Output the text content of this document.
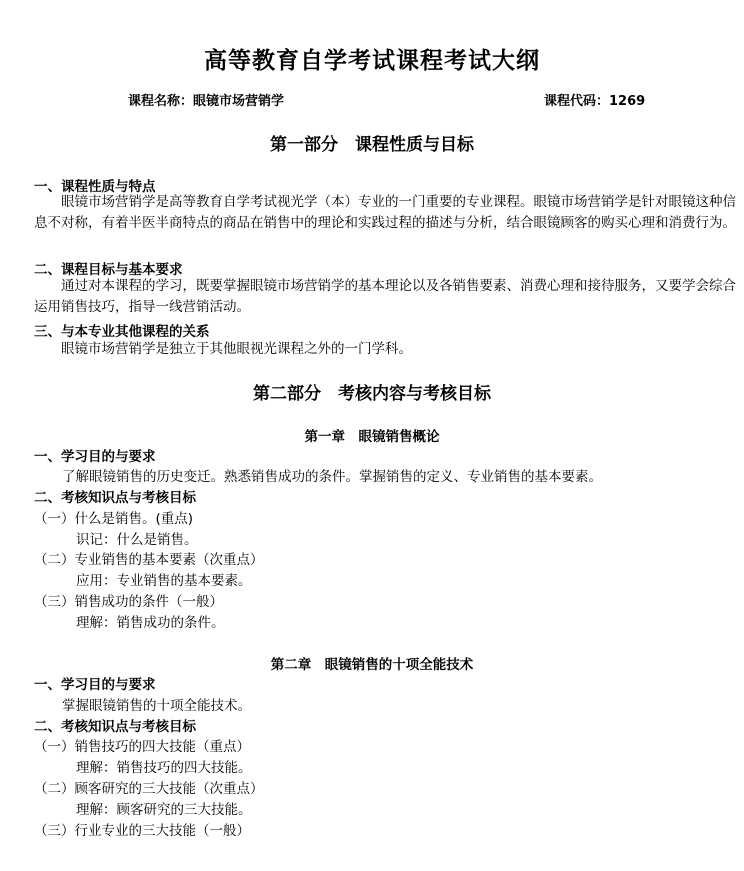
高等教育自学考试课程考试大纲
课程名称：眼镜市场营销学	课程代码：1269
第一部分　课程性质与目标
一、课程性质与特点
眼镜市场营销学是高等教育自学考试视光学（本）专业的一门重要的专业课程。眼镜市场营销学是针对眼镜这种信息不对称，有着半医半商特点的商品在销售中的理论和实践过程的描述与分析，结合眼镜顾客的购买心理和消费行为。
二、课程目标与基本要求
通过对本课程的学习，既要掌握眼镜市场营销学的基本理论以及各销售要素、消费心理和接待服务，又要学会综合运用销售技巧，指导一线营销活动。
三、与本专业其他课程的关系
眼镜市场营销学是独立于其他眼视光课程之外的一门学科。
第二部分　考核内容与考核目标
第一章　眼镜销售概论
一、学习目的与要求
了解眼镜销售的历史变迁。熟悉销售成功的条件。掌握销售的定义、专业销售的基本要素。
二、考核知识点与考核目标
（一）什么是销售。(重点)
识记：什么是销售。
（二）专业销售的基本要素（次重点）
应用：专业销售的基本要素。
（三）销售成功的条件（一般）
理解：销售成功的条件。
第二章　眼镜销售的十项全能技术
一、学习目的与要求
掌握眼镜销售的十项全能技术。
二、考核知识点与考核目标
（一）销售技巧的四大技能（重点）
理解：销售技巧的四大技能。
（二）顾客研究的三大技能（次重点）
理解：顾客研究的三大技能。
（三）行业专业的三大技能（一般）
